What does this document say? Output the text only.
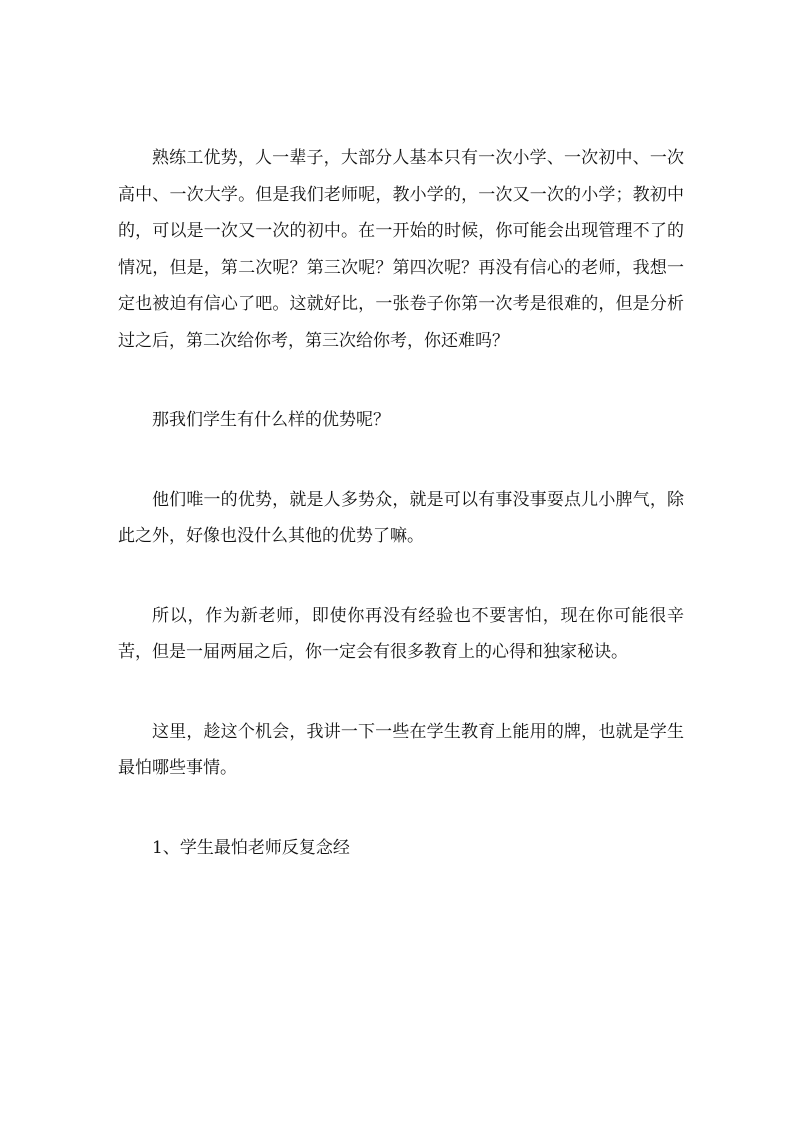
熟练工优势，人一辈子，大部分人基本只有一次小学、一次初中、一次高中、一次大学。但是我们老师呢，教小学的，一次又一次的小学；教初中的，可以是一次又一次的初中。在一开始的时候，你可能会出现管理不了的情况，但是，第二次呢？第三次呢？第四次呢？再没有信心的老师，我想一定也被迫有信心了吧。这就好比，一张卷子你第一次考是很难的，但是分析过之后，第二次给你考，第三次给你考，你还难吗？

那我们学生有什么样的优势呢？

他们唯一的优势，就是人多势众，就是可以有事没事耍点儿小脾气，除此之外，好像也没什么其他的优势了嘛。

所以，作为新老师，即使你再没有经验也不要害怕，现在你可能很辛苦，但是一届两届之后，你一定会有很多教育上的心得和独家秘诀。

这里，趁这个机会，我讲一下一些在学生教育上能用的牌，也就是学生最怕哪些事情。

1、学生最怕老师反复念经
